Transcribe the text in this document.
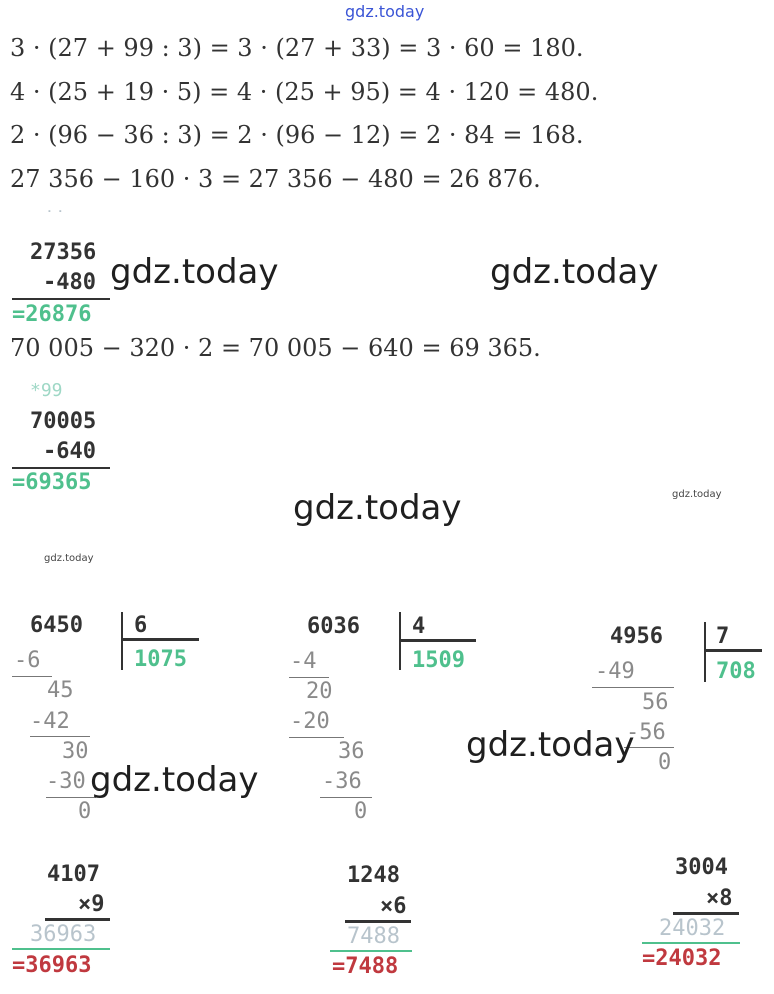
gdz.today
3 · (27 + 99 : 3) = 3 · (27 + 33) = 3 · 60 = 180.
4 · (25 + 19 · 5) = 4 · (25 + 95) = 4 · 120 = 480.
2 · (96 − 36 : 3) = 2 · (96 − 12) = 2 · 84 = 168.
27 356 − 160 · 3 = 27 356 − 480 = 26 876.
˙˙
27356
-480
=26876
gdz.today	gdz.today
70 005 − 320 · 2 = 70 005 − 640 = 69 365.
*99
70005
-640
=69365
gdz.today	gdz.today
gdz.today
6450 6
1075
-6
45
-42
30
-30
0
gdz.today
6036 4
1509
-4
20
-20
36
-36
0
4956 7
708
-49
56
-56
0
gdz.today
4107
×9
36963
=36963
1248
×6
7488
=7488
3004
×8
24032
=24032
